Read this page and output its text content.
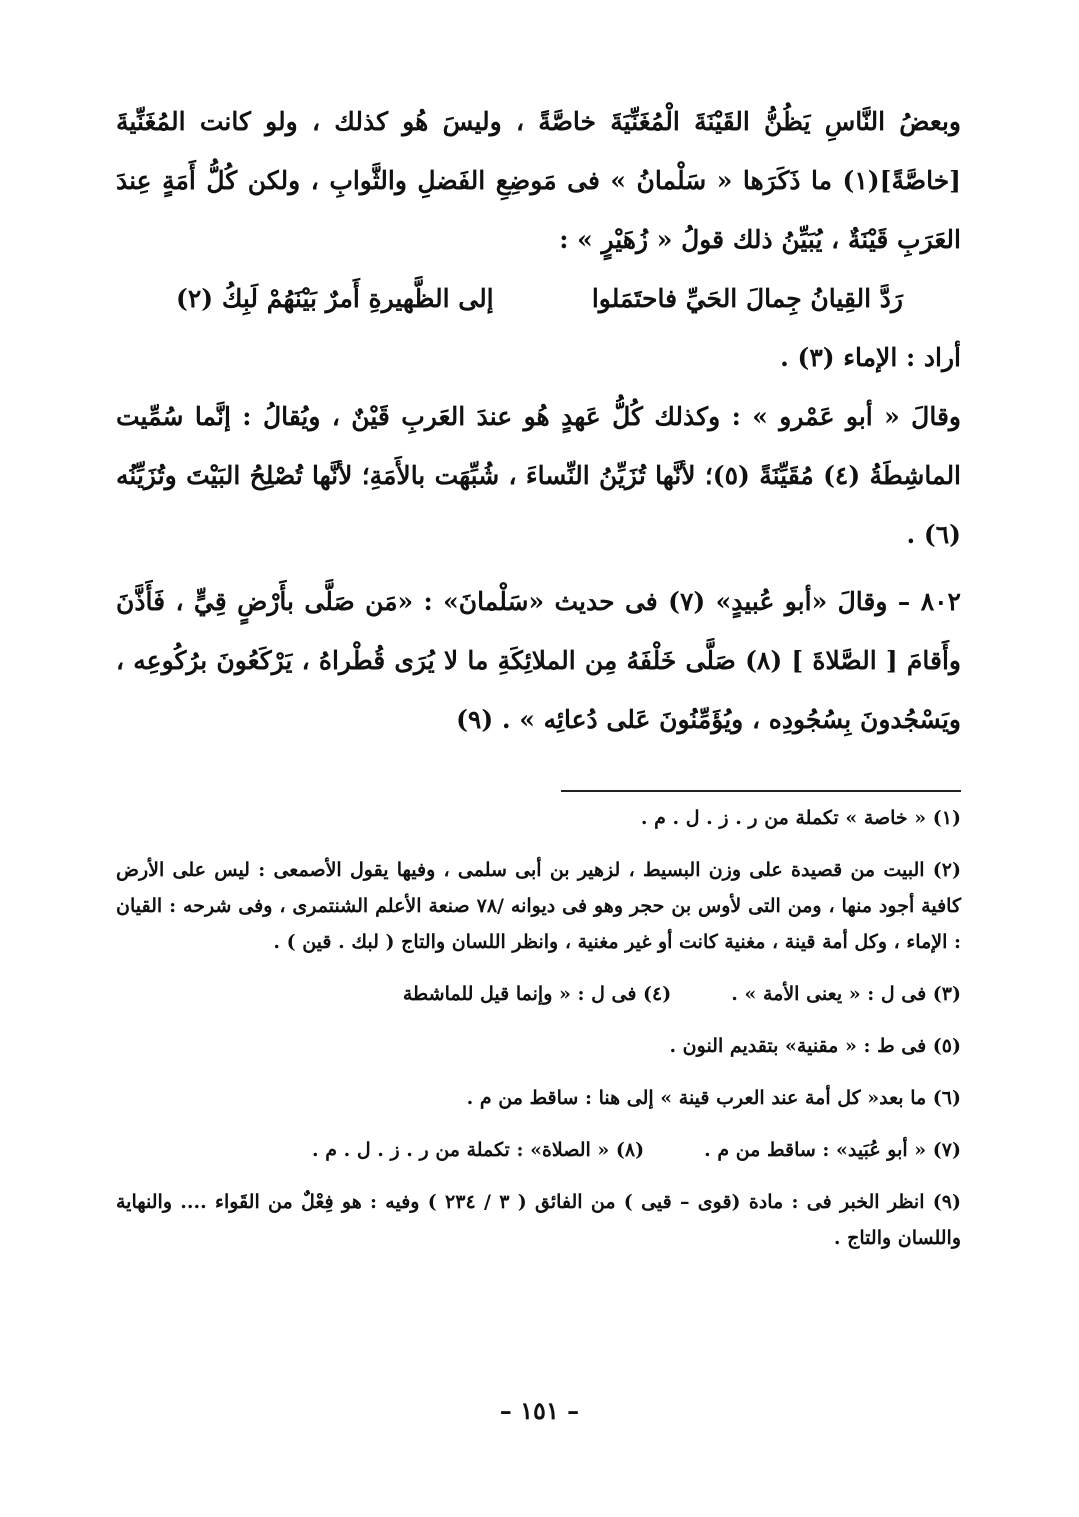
وبعضُ النَّاسِ يَظُنُّ القَيْنَةَ الْمُغَنِّيَةَ خاصَّةً ، وليسَ هُو كذلك ، ولو كانت المُغَنِّيةَ [خاصَّةً](١) ما ذَكَرَها « سَلْمانُ » فى مَوضِعِ الفَضلِ والثَّوابِ ، ولكن كُلُّ أَمَةٍ عِندَ العَرَبِ قَيْنَةٌ ، يُبَيِّنُ ذلك قولُ « زُهَيْرٍ » :

رَدَّ القِيانُ جِمالَ الحَيِّ فاحتَمَلوا
إلى الظَّهيرةِ أَمرٌ بَيْنَهُمْ لَبِكُ (٢)
أراد : الإماء (٣) .

وقالَ « أبو عَمْرو » : وكذلك كُلُّ عَهدٍ هُو عندَ العَربِ قَيْنٌ ، ويُقالُ : إنَّما سُمِّيت الماشِطَةُ (٤) مُقَيِّنَةً (٥)؛ لأنَّها تُزَيِّنُ النِّساءَ ، شُبِّهَت بالأَمَةِ؛ لأنَّها تُصْلِحُ البَيْتَ وتُزَيِّنُه (٦) .

٨٠٢ – وقالَ «أبو عُبيدٍ» (٧) فى حديث «سَلْمانَ» : «مَن صَلَّى بأَرْضٍ قِيٍّ ، فَأَذَّنَ وأَقامَ [ الصَّلاةَ ] (٨) صَلَّى خَلْفَهُ مِن الملائِكَةِ ما لا يُرَى قُطْراهُ ، يَرْكَعُونَ برُكُوعِه ، ويَسْجُدونَ بِسُجُودِه ، ويُؤَمِّنُونَ عَلى دُعائِه » . (٩)

(١) « خاصة » تكملة من ر . ز . ل . م .

(٢) البيت من قصيدة على وزن البسيط ، لزهير بن أبى سلمى ، وفيها يقول الأصمعى : ليس على الأرض كافية أجود منها ، ومن التى لأوس بن حجر وهو فى ديوانه /٧٨ صنعة الأعلم الشنتمرى ، وفى شرحه : القيان : الإماء ، وكل أمة قينة ، مغنية كانت أو غير مغنية ، وانظر اللسان والتاج ( لبك . قين ) .

(٣) فى ل : « يعنى الأمة » .
(٤) فى ل : « وإنما قيل للماشطة

(٥) فى ط : « مقنية» بتقديم النون .

(٦) ما بعد« كل أمة عند العرب قينة » إلى هنا : ساقط من م .

(٧) « أبو عُبَيد» : ساقط من م .
(٨) « الصلاة» : تكملة من ر . ز . ل . م .

(٩) انظر الخبر فى : مادة (قوى – قيى ) من الفائق ( ٣ / ٢٣٤ ) وفيه : هو فِعْلٌ من القَواء .... والنهاية واللسان والتاج .

– ١٥١ –
